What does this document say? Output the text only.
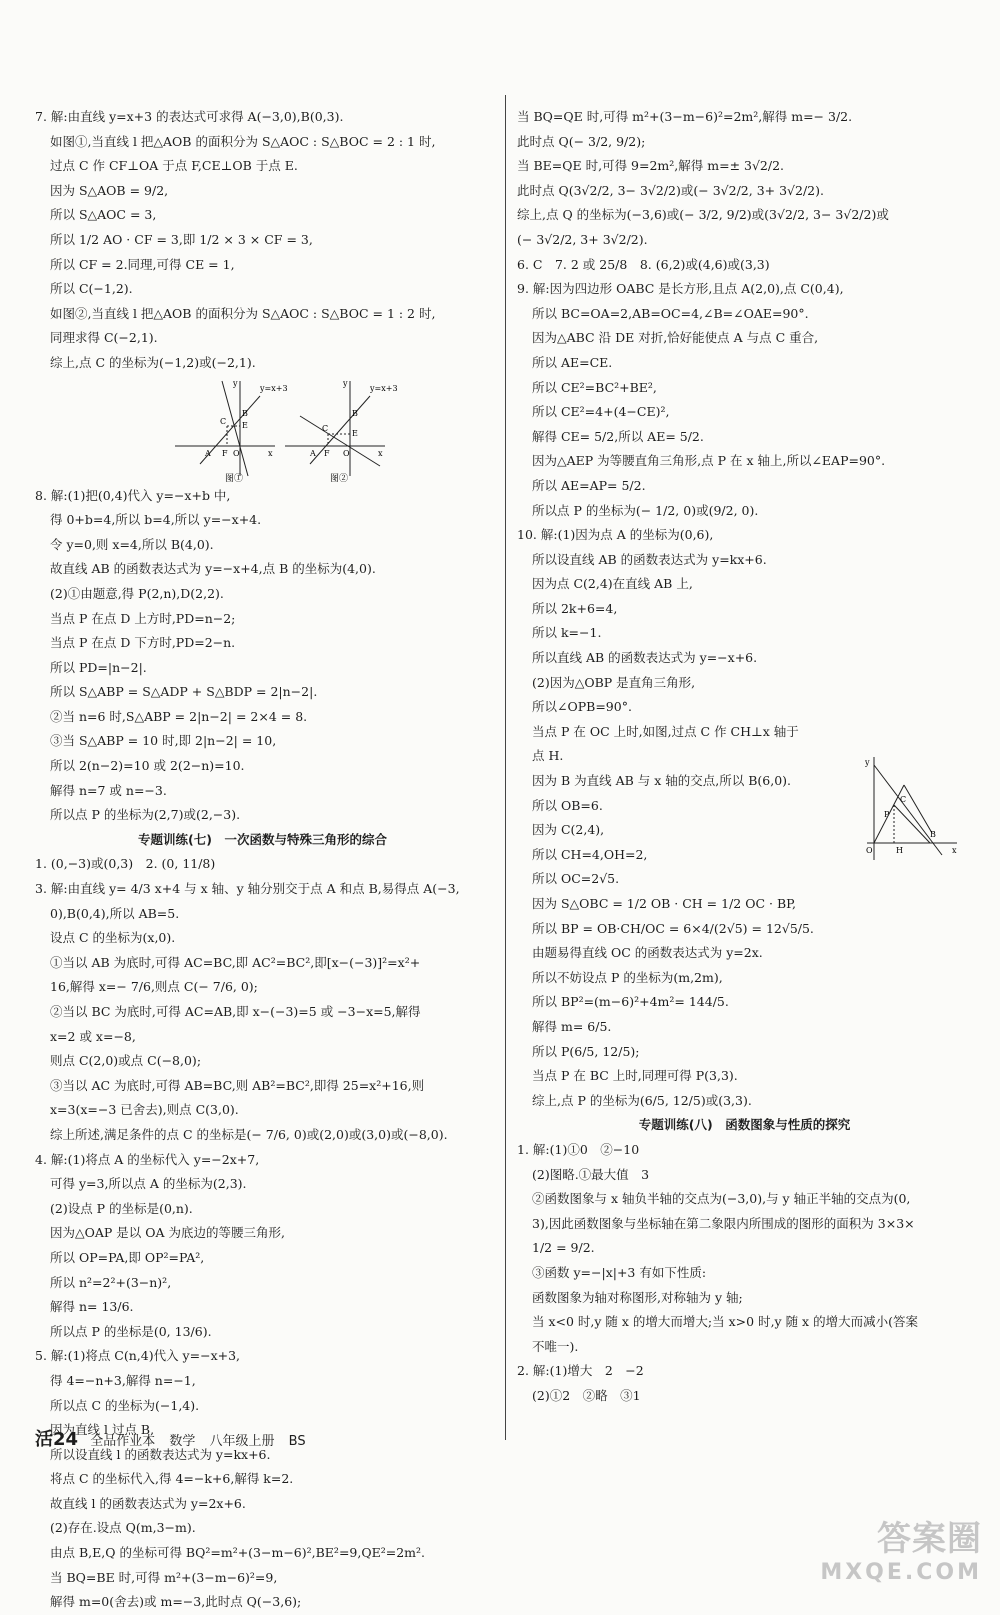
7. 解:由直线 y=x+3 的表达式可求得 A(−3,0),B(0,3).
如图①,当直线 l 把△AOB 的面积分为 S△AOC : S△BOC = 2 : 1 时,
过点 C 作 CF⊥OA 于点 F,CE⊥OB 于点 E.
因为 S△AOB = 9/2,
所以 S△AOC = 3,
所以 1/2 AO · CF = 3,即 1/2 × 3 × CF = 3,
所以 CF = 2.同理,可得 CE = 1,
所以 C(−1,2).
如图②,当直线 l 把△AOB 的面积分为 S△AOC : S△BOC = 1 : 2 时,
同理求得 C(−2,1).
综上,点 C 的坐标为(−1,2)或(−2,1).
y=x+3
y
x
A F O
C E
B
图①
y=x+3
y
x
A F O
C
E
B
图②
8. 解:(1)把(0,4)代入 y=−x+b 中,
得 0+b=4,所以 b=4,所以 y=−x+4.
令 y=0,则 x=4,所以 B(4,0).
故直线 AB 的函数表达式为 y=−x+4,点 B 的坐标为(4,0).
(2)①由题意,得 P(2,n),D(2,2).
当点 P 在点 D 上方时,PD=n−2;
当点 P 在点 D 下方时,PD=2−n.
所以 PD=|n−2|.
所以 S△ABP = S△ADP + S△BDP = 2|n−2|.
②当 n=6 时,S△ABP = 2|n−2| = 2×4 = 8.
③当 S△ABP = 10 时,即 2|n−2| = 10,
所以 2(n−2)=10 或 2(2−n)=10.
解得 n=7 或 n=−3.
所以点 P 的坐标为(2,7)或(2,−3).
专题训练(七)　一次函数与特殊三角形的综合
1. (0,−3)或(0,3)　2. (0, 11/8)
3. 解:由直线 y= 4/3 x+4 与 x 轴、y 轴分别交于点 A 和点 B,易得点 A(−3,
0),B(0,4),所以 AB=5.
设点 C 的坐标为(x,0).
①当以 AB 为底时,可得 AC=BC,即 AC²=BC²,即[x−(−3)]²=x²+
16,解得 x=− 7/6,则点 C(− 7/6, 0);
②当以 BC 为底时,可得 AC=AB,即 x−(−3)=5 或 −3−x=5,解得
x=2 或 x=−8,
则点 C(2,0)或点 C(−8,0);
③当以 AC 为底时,可得 AB=BC,则 AB²=BC²,即得 25=x²+16,则
x=3(x=−3 已舍去),则点 C(3,0).
综上所述,满足条件的点 C 的坐标是(− 7/6, 0)或(2,0)或(3,0)或(−8,0).
4. 解:(1)将点 A 的坐标代入 y=−2x+7,
可得 y=3,所以点 A 的坐标为(2,3).
(2)设点 P 的坐标是(0,n).
因为△OAP 是以 OA 为底边的等腰三角形,
所以 OP=PA,即 OP²=PA²,
所以 n²=2²+(3−n)²,
解得 n= 13/6.
所以点 P 的坐标是(0, 13/6).
5. 解:(1)将点 C(n,4)代入 y=−x+3,
得 4=−n+3,解得 n=−1,
所以点 C 的坐标为(−1,4).
因为直线 l 过点 B,
所以设直线 l 的函数表达式为 y=kx+6.
将点 C 的坐标代入,得 4=−k+6,解得 k=2.
故直线 l 的函数表达式为 y=2x+6.
(2)存在.设点 Q(m,3−m).
由点 B,E,Q 的坐标可得 BQ²=m²+(3−m−6)²,BE²=9,QE²=2m².
当 BQ=BE 时,可得 m²+(3−m−6)²=9,
解得 m=0(舍去)或 m=−3,此时点 Q(−3,6);
当 BQ=QE 时,可得 m²+(3−m−6)²=2m²,解得 m=− 3/2.
此时点 Q(− 3/2, 9/2);
当 BE=QE 时,可得 9=2m²,解得 m=± 3√2/2.
此时点 Q(3√2/2, 3− 3√2/2)或(− 3√2/2, 3+ 3√2/2).
综上,点 Q 的坐标为(−3,6)或(− 3/2, 9/2)或(3√2/2, 3− 3√2/2)或
(− 3√2/2, 3+ 3√2/2).
6. C　7. 2 或 25/8　8. (6,2)或(4,6)或(3,3)
9. 解:因为四边形 OABC 是长方形,且点 A(2,0),点 C(0,4),
所以 BC=OA=2,AB=OC=4,∠B=∠OAE=90°.
因为△ABC 沿 DE 对折,恰好能使点 A 与点 C 重合,
所以 AE=CE.
所以 CE²=BC²+BE²,
所以 CE²=4+(4−CE)²,
解得 CE= 5/2,所以 AE= 5/2.
因为△AEP 为等腰直角三角形,点 P 在 x 轴上,所以∠EAP=90°.
所以 AE=AP= 5/2.
所以点 P 的坐标为(− 1/2, 0)或(9/2, 0).
10. 解:(1)因为点 A 的坐标为(0,6),
所以设直线 AB 的函数表达式为 y=kx+6.
因为点 C(2,4)在直线 AB 上,
所以 2k+6=4,
所以 k=−1.
所以直线 AB 的函数表达式为 y=−x+6.
(2)因为△OBP 是直角三角形,
所以∠OPB=90°.
当点 P 在 OC 上时,如图,过点 C 作 CH⊥x 轴于
点 H.
因为 B 为直线 AB 与 x 轴的交点,所以 B(6,0).
所以 OB=6.
因为 C(2,4),
所以 CH=4,OH=2,
所以 OC=2√5.
因为 S△OBC = 1/2 OB · CH = 1/2 OC · BP,
所以 BP = OB·CH/OC = 6×4/(2√5) = 12√5/5.
由题易得直线 OC 的函数表达式为 y=2x.
所以不妨设点 P 的坐标为(m,2m),
所以 BP²=(m−6)²+4m²= 144/5.
解得 m= 6/5.
所以 P(6/5, 12/5);
当点 P 在 BC 上时,同理可得 P(3,3).
综上,点 P 的坐标为(6/5, 12/5)或(3,3).
专题训练(八)　函数图象与性质的探究
1. 解:(1)①0　②−10
(2)图略.①最大值　3
②函数图象与 x 轴负半轴的交点为(−3,0),与 y 轴正半轴的交点为(0,
3),因此函数图象与坐标轴在第二象限内所围成的图形的面积为 3×3×
1/2 = 9/2.
③函数 y=−|x|+3 有如下性质:
函数图象为轴对称图形,对称轴为 y 轴;
当 x<0 时,y 随 x 的增大而增大;当 x>0 时,y 随 x 的增大而减小(答案
不唯一).
2. 解:(1)增大　2　−2
(2)①2　②略　③1
y
x
O	H
P
C
B
活24 全品作业本 数学 八年级上册 BS
答案圈
MXQE.COM
